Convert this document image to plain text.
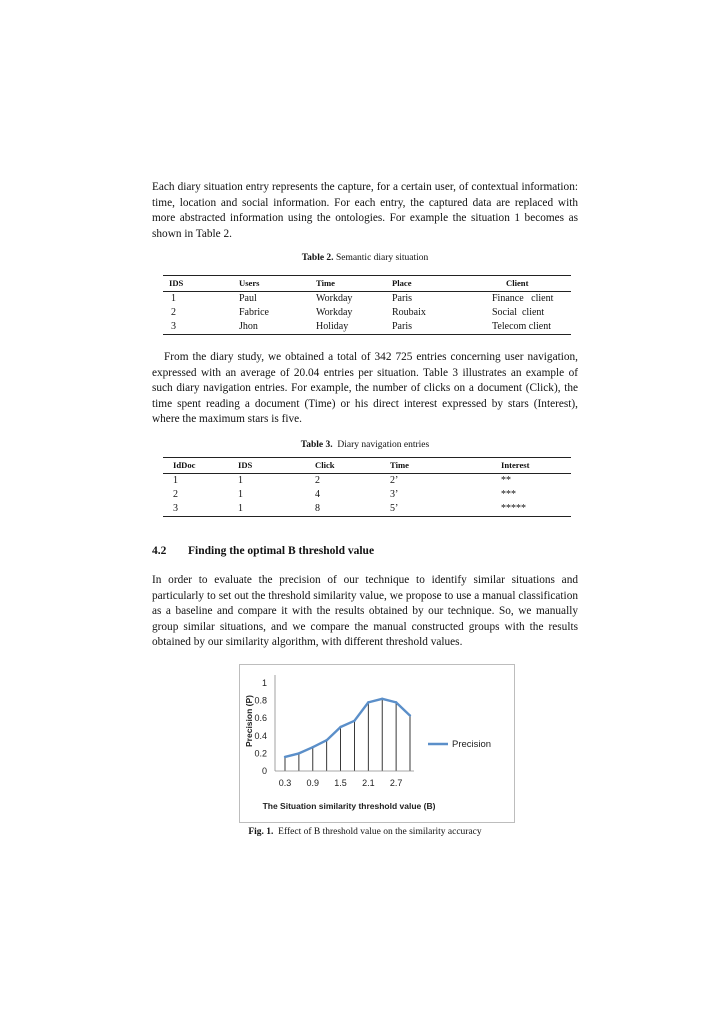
Each diary situation entry represents the capture, for a certain user, of contextual information: time, location and social information. For each entry, the captured data are replaced with more abstracted information using the ontologies. For example the situation 1 becomes as shown in Table 2.

Table 2. Semantic diary situation

IDS	Users	Time	Place	Client
1	Paul	Workday	Paris	Finance   client
2	Fabrice	Workday	Roubaix	Social  client
3	Jhon	Holiday	Paris	Telecom client

From the diary study, we obtained a total of 342 725 entries concerning user navigation, expressed with an average of 20.04 entries per situation. Table 3 illustrates an example of such diary navigation entries. For example, the number of clicks on a document (Click), the time spent reading a document (Time) or his direct interest expressed by stars (Interest), where the maximum stars is five.

Table 3. Diary navigation entries

IdDoc	IDS	Click	Time	Interest
1	1	2	2’	**
2	1	4	3’	***
3	1	8	5’	*****

4.2 Finding the optimal B threshold value

In order to evaluate the precision of our technique to identify similar situations and particularly to set out the threshold similarity value, we propose to use a manual classification as a baseline and compare it with the results obtained by our technique. So, we manually group similar situations, and we compare the manual constructed groups with the results obtained by our similarity algorithm, with different threshold values.

0
0.2
0.4
0.6
0.8
1
0.3 0.9 1.5 2.1 2.7
Precision
Precision (P)
The Situation similarity threshold value (B)

Fig. 1. Effect of B threshold value on the similarity accuracy
